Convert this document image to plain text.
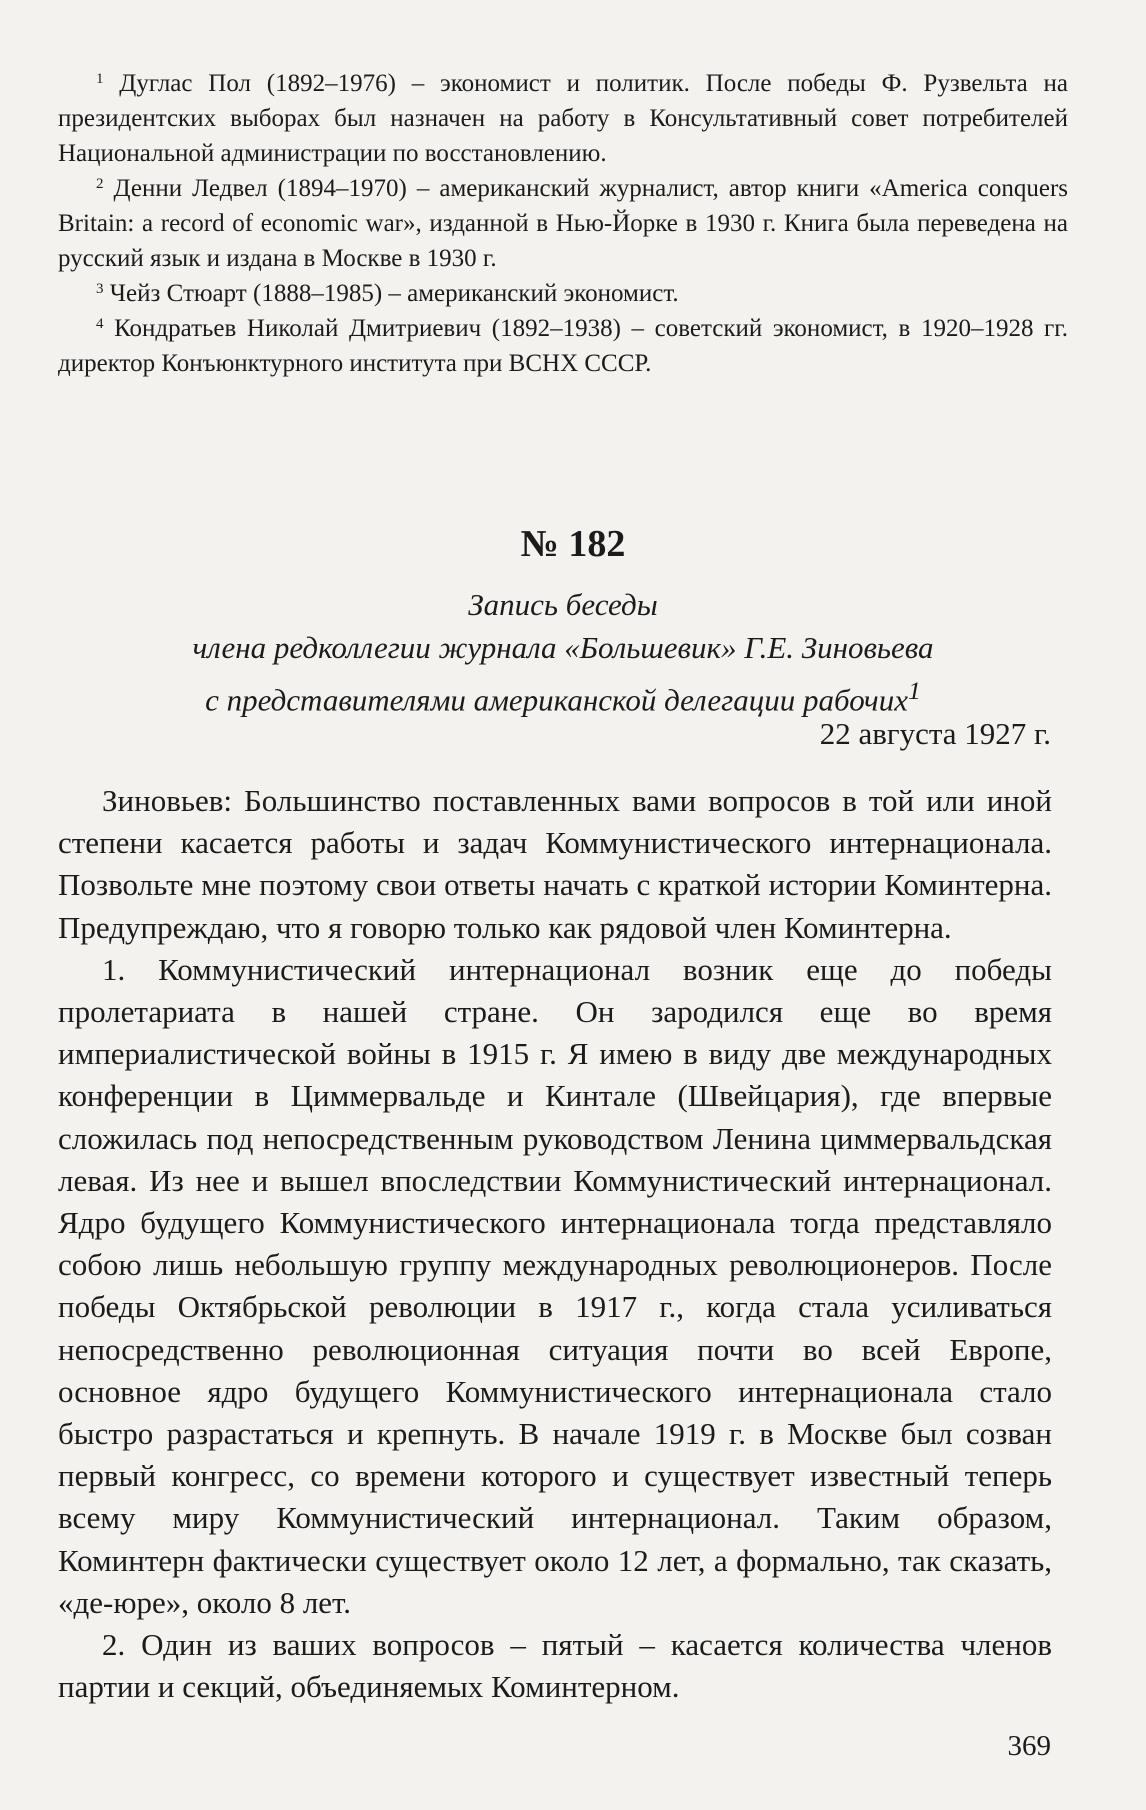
$^1$ Дуглас Пол (1892–1976) – экономист и политик. После победы Ф. Рузвельта на президентских выборах был назначен на работу в Консультативный совет потребителей Национальной администрации по восстановлению.

$^2$ Денни Ледвел (1894–1970) – американский журналист, автор книги «America conquers Britain: a record of economic war», изданной в Нью-Йорке в 1930 г. Книга была переведена на русский язык и издана в Москве в 1930 г.

$^3$ Чейз Стюарт (1888–1985) – американский экономист.

$^4$ Кондратьев Николай Дмитриевич (1892–1938) – советский экономист, в 1920–1928 гг. директор Конъюнктурного института при ВСНХ СССР.

№ 182
Запись беседы
члена редколлегии журнала «Большевик» Г.Е. Зиновьева
с представителями американской делегации рабочих$^1$
22 августа 1927 г.

Зиновьев: Большинство поставленных вами вопросов в той или иной степени касается работы и задач Коммунистического интернационала. Позвольте мне поэтому свои ответы начать с краткой истории Коминтерна. Предупреждаю, что я говорю только как рядовой член Коминтерна.

1. Коммунистический интернационал возник еще до победы пролетариата в нашей стране. Он зародился еще во время империалистической войны в 1915 г. Я имею в виду две международных конференции в Циммервальде и Кинтале (Швейцария), где впервые сложилась под непосредственным руководством Ленина циммервальдская левая. Из нее и вышел впоследствии Коммунистический интернационал. Ядро будущего Коммунистического интернационала тогда представляло собою лишь небольшую группу международных революционеров. После победы Октябрьской революции в 1917 г., когда стала усиливаться непосредственно революционная ситуация почти во всей Европе, основное ядро будущего Коммунистического интернационала стало быстро разрастаться и крепнуть. В начале 1919 г. в Москве был созван первый конгресс, со времени которого и существует известный теперь всему миру Коммунистический интернационал. Таким образом, Коминтерн фактически существует около 12 лет, а формально, так сказать, «де-юре», около 8 лет.

2. Один из ваших вопросов – пятый – касается количества членов партии и секций, объединяемых Коминтерном.

369
